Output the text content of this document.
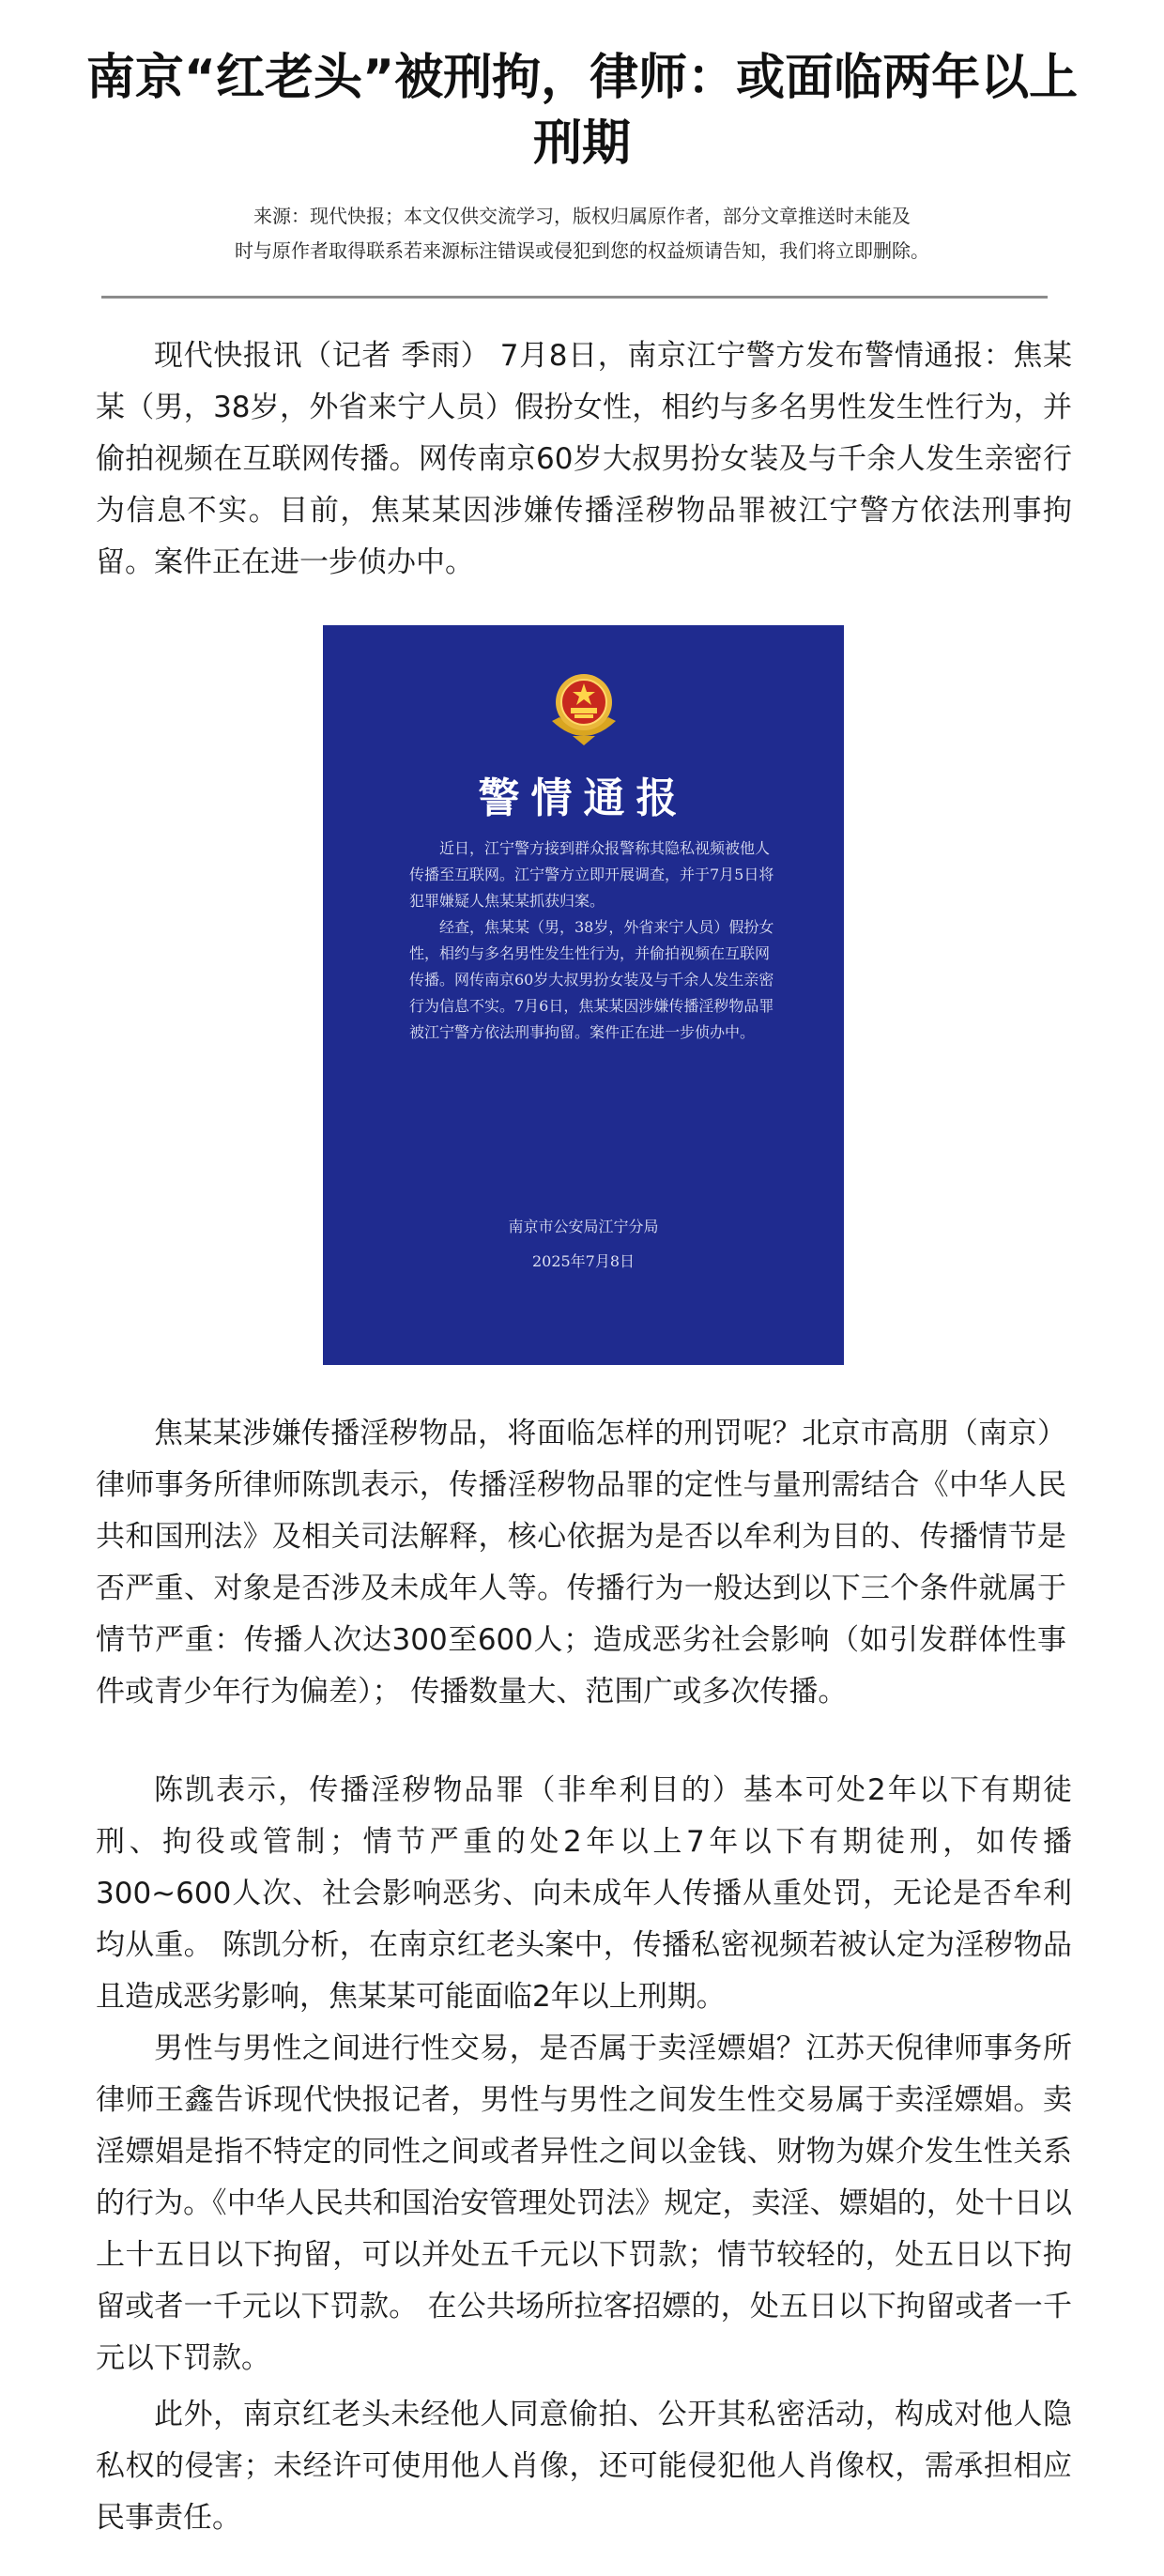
南京“红老头”被刑拘，律师：或面临两年以上刑期
来源：现代快报；本文仅供交流学习，版权归属原作者，部分文章推送时未能及
时与原作者取得联系若来源标注错误或侵犯到您的权益烦请告知，我们将立即删除。

现代快报讯（记者 季雨） 7月8日，南京江宁警方发布警情通报：焦某某（男，38岁，外省来宁人员）假扮女性，相约与多名男性发生性行为，并偷拍视频在互联网传播。网传南京60岁大叔男扮女装及与千余人发生亲密行为信息不实。目前，焦某某因涉嫌传播淫秽物品罪被江宁警方依法刑事拘留。案件正在进一步侦办中。

警情通报

近日，江宁警方接到群众报警称其隐私视频被他人传播至互联网。江宁警方立即开展调查，并于7月5日将犯罪嫌疑人焦某某抓获归案。

经查，焦某某（男，38岁，外省来宁人员）假扮女性，相约与多名男性发生性行为，并偷拍视频在互联网传播。网传南京60岁大叔男扮女装及与千余人发生亲密行为信息不实。7月6日，焦某某因涉嫌传播淫秽物品罪被江宁警方依法刑事拘留。案件正在进一步侦办中。

南京市公安局江宁分局
2025年7月8日

焦某某涉嫌传播淫秽物品，将面临怎样的刑罚呢？北京市高朋（南京）律师事务所律师陈凯表示，传播淫秽物品罪的定性与量刑需结合《中华人民共和国刑法》及相关司法解释，核心依据为是否以牟利为目的、传播情节是否严重、对象是否涉及未成年人等。传播行为一般达到以下三个条件就属于情节严重：传播人次达300至600人；造成恶劣社会影响（如引发群体性事件或青少年行为偏差）； 传播数量大、范围广或多次传播。

陈凯表示，传播淫秽物品罪（非牟利目的）基本可处2年以下有期徒刑、拘役或管制；情节严重的处2年以上7年以下有期徒刑，如传播300~600人次、社会影响恶劣、向未成年人传播从重处罚，无论是否牟利均从重。 陈凯分析，在南京红老头案中，传播私密视频若被认定为淫秽物品且造成恶劣影响，焦某某可能面临2年以上刑期。

男性与男性之间进行性交易，是否属于卖淫嫖娼？江苏天倪律师事务所律师王鑫告诉现代快报记者，男性与男性之间发生性交易属于卖淫嫖娼。卖淫嫖娼是指不特定的同性之间或者异性之间以金钱、财物为媒介发生性关系的行为。《中华人民共和国治安管理处罚法》规定，卖淫、嫖娼的，处十日以上十五日以下拘留，可以并处五千元以下罚款；情节较轻的，处五日以下拘留或者一千元以下罚款。 在公共场所拉客招嫖的，处五日以下拘留或者一千元以下罚款。

此外，南京红老头未经他人同意偷拍、公开其私密活动，构成对他人隐私权的侵害；未经许可使用他人肖像，还可能侵犯他人肖像权，需承担相应民事责任。
